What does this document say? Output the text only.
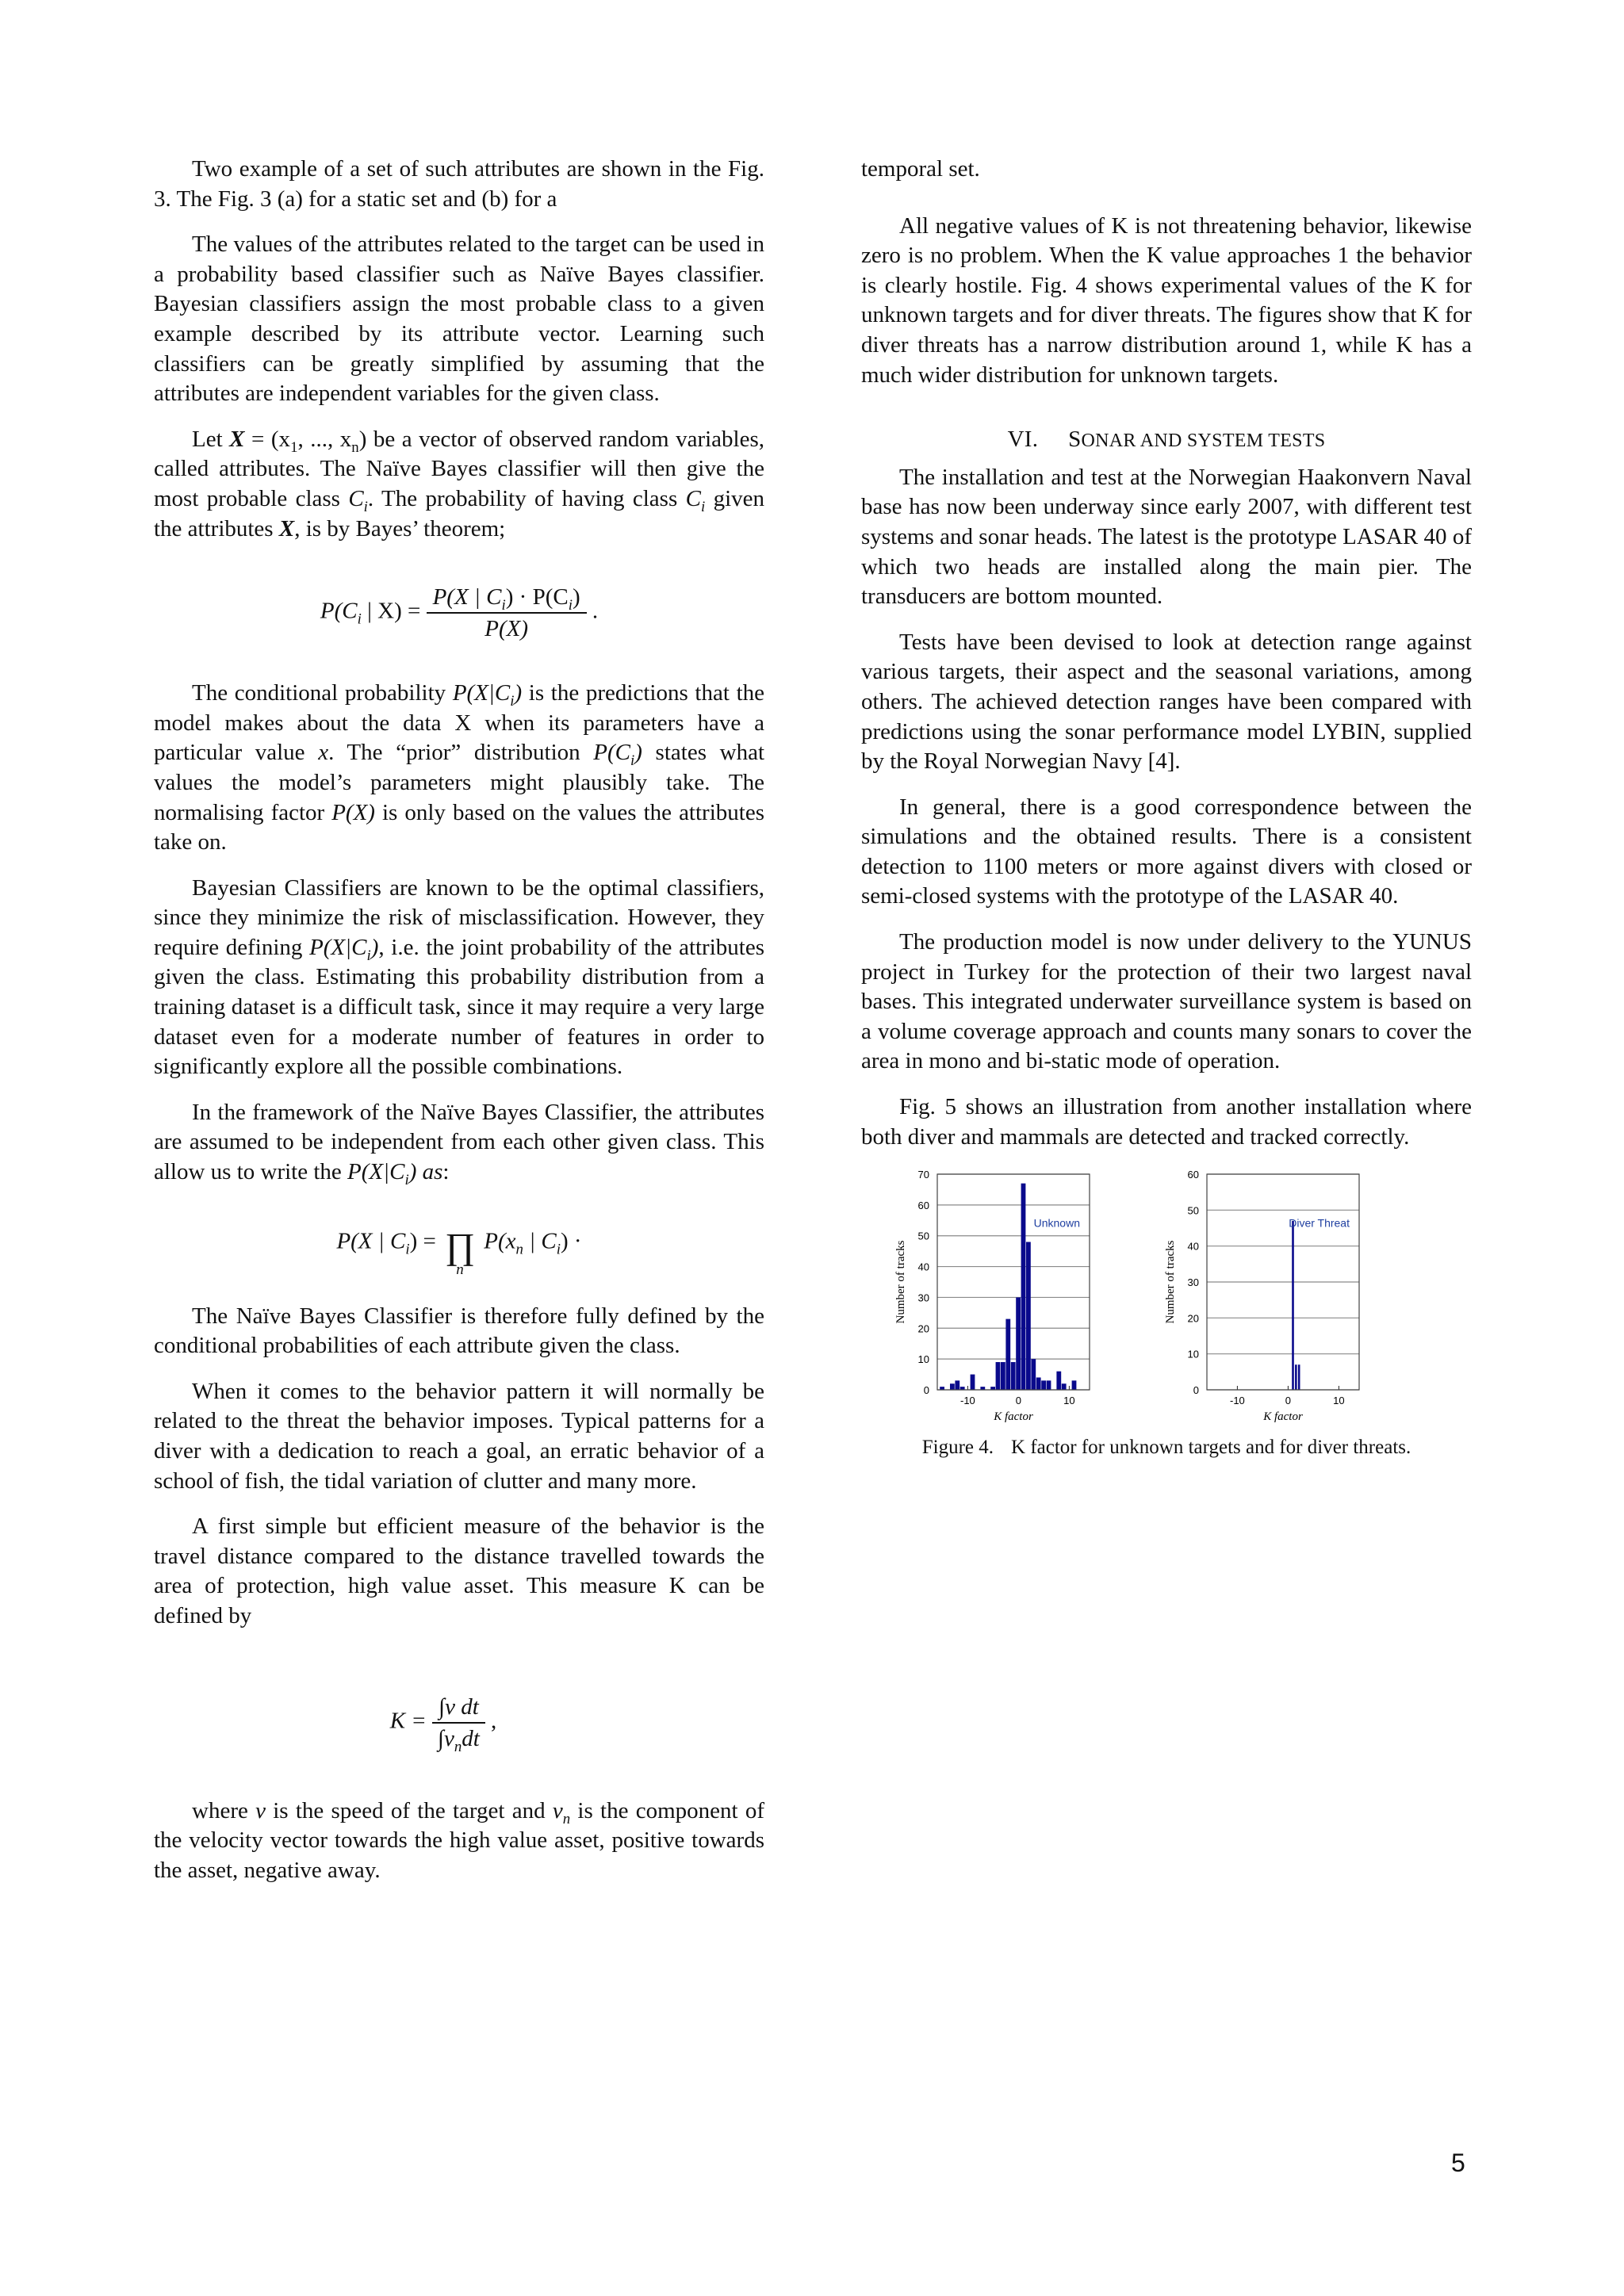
Two example of a set of such attributes are shown in the Fig. 3. The Fig. 3 (a) for a static set and (b) for a

The values of the attributes related to the target can be used in a probability based classifier such as Naïve Bayes classifier. Bayesian classifiers assign the most probable class to a given example described by its attribute vector. Learning such classifiers can be greatly simplified by assuming that the attributes are independent variables for the given class.

Let $X = (x_1$, ..., $x_n$) be a vector of observed random variables, called attributes. The Naïve Bayes classifier will then give the most probable class $C_i$. The probability of having class $C_i$ given the attributes X, is by Bayes’ theorem;

$P(C_i$ | $X) = \frac{P(X | C_i) \cdot P(C_i)}{P(X)}$ .

The conditional probability $P(X|C_i)$ is the predictions that the model makes about the data X when its parameters have a particular value x. The “prior” distribution $P(C_i)$ states what values the model’s parameters might plausibly take. The normalising factor P(X) is only based on the values the attributes take on.

Bayesian Classifiers are known to be the optimal classifiers, since they minimize the risk of misclassification. However, they require defining $P(X|C_i)$, i.e. the joint probability of the attributes given the class. Estimating this probability distribution from a training dataset is a difficult task, since it may require a very large dataset even for a moderate number of features in order to significantly explore all the possible combinations.

In the framework of the Naïve Bayes Classifier, the attributes are assumed to be independent from each other given class. This allow us to write the $P(X|C_i)$ as:

P(X | $C_i$) = ∏
n
$P(x_n$ | $C_i$) ·

The Naïve Bayes Classifier is therefore fully defined by the conditional probabilities of each attribute given the class.

When it comes to the behavior pattern it will normally be related to the threat the behavior imposes. Typical patterns for a diver with a dedication to reach a goal, an erratic behavior of a school of fish, the tidal variation of clutter and many more.

A first simple but efficient measure of the behavior is the travel distance compared to the distance travelled towards the area of protection, high value asset. This measure K can be defined by

$K = \frac{\text{∫v dt}}{\int v_ndt}$ ,

where v is the speed of the target and $v_n$ is the component of the velocity vector towards the high value asset, positive towards the asset, negative away.

temporal set.

All negative values of K is not threatening behavior, likewise zero is no problem. When the K value approaches 1 the behavior is clearly hostile. Fig. 4 shows experimental values of the K for unknown targets and for diver threats. The figures show that K for diver threats has a narrow distribution around 1, while K has a much wider distribution for unknown targets.

VI. SONAR AND SYSTEM TESTS

The installation and test at the Norwegian Haakonvern Naval base has now been underway since early 2007, with different test systems and sonar heads. The latest is the prototype LASAR 40 of which two heads are installed along the main pier. The transducers are bottom mounted.

Tests have been devised to look at detection range against various targets, their aspect and the seasonal variations, among others. The achieved detection ranges have been compared with predictions using the sonar performance model LYBIN, supplied by the Royal Norwegian Navy [4].

In general, there is a good correspondence between the simulations and the obtained results. There is a consistent detection to 1100 meters or more against divers with closed or semi-closed systems with the prototype of the LASAR 40.

The production model is now under delivery to the YUNUS project in Turkey for the protection of their two largest naval bases. This integrated underwater surveillance system is based on a volume coverage approach and counts many sonars to cover the area in mono and bi-static mode of operation.

Fig. 5 shows an illustration from another installation where both diver and mammals are detected and tracked correctly.

0
10
20
30
40
50
60
70
-10	0	10
Unknown
K factor
Number of tracks
0
10
20
30
40
50
60
-10	0	10
Diver Threat
K factor
Number of tracks
Figure 4. K factor for unknown targets and for diver threats.
5
